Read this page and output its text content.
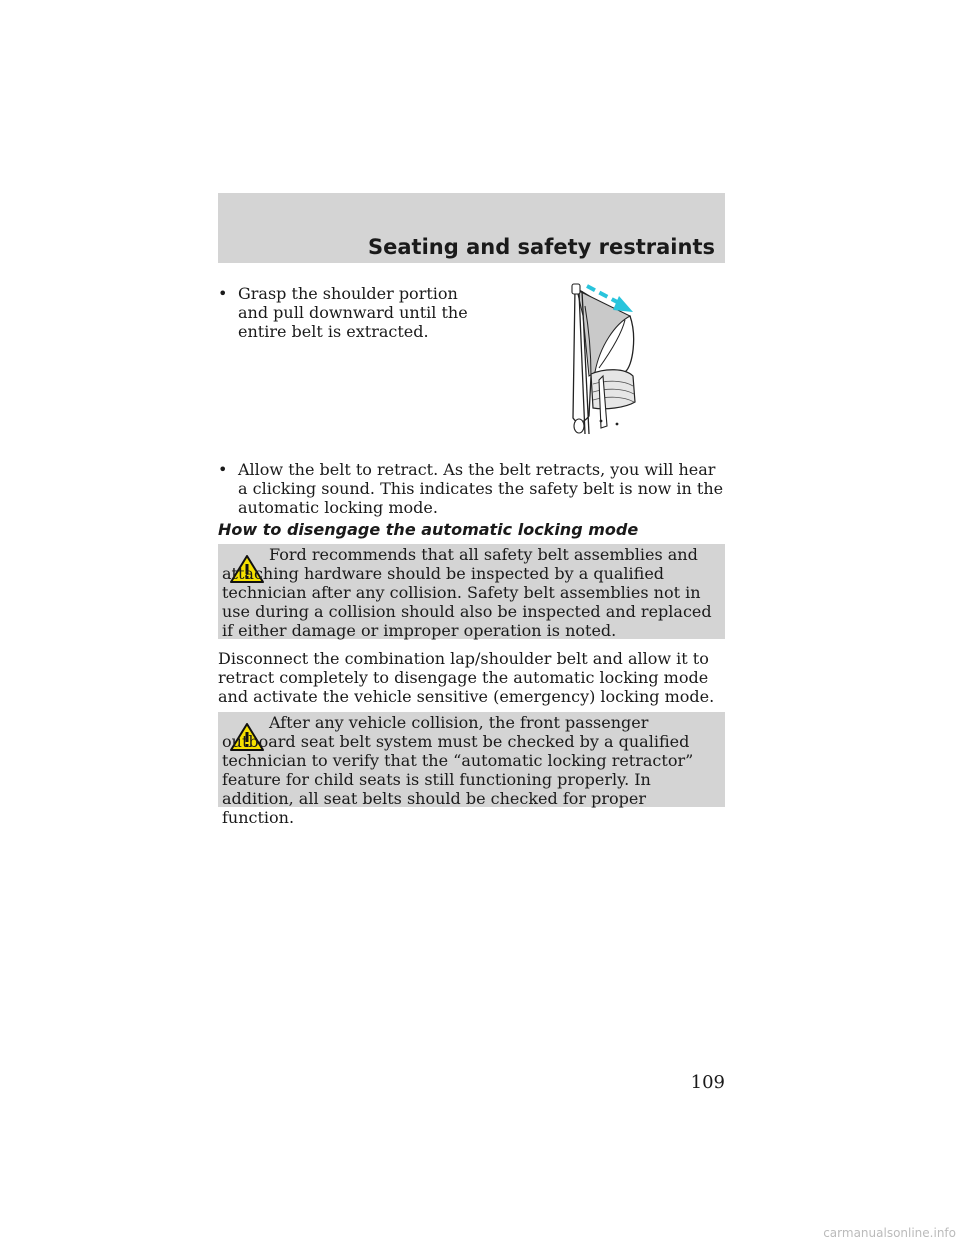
Seating and safety restraints
• Grasp the shoulder portion and pull downward until the entire belt is extracted.
• Allow the belt to retract. As the belt retracts, you will hear a clicking sound. This indicates the safety belt is now in the automatic locking mode.
How to disengage the automatic locking mode
Ford recommends that all safety belt assemblies and attaching hardware should be inspected by a qualified technician after any collision. Safety belt assemblies not in use during a collision should also be inspected and replaced if either damage or improper operation is noted.
Disconnect the combination lap/shoulder belt and allow it to retract completely to disengage the automatic locking mode and activate the vehicle sensitive (emergency) locking mode.
After any vehicle collision, the front passenger outboard seat belt system must be checked by a qualified technician to verify that the “automatic locking retractor” feature for child seats is still functioning properly. In addition, all seat belts should be checked for proper function.
109
carmanualsonline.info
